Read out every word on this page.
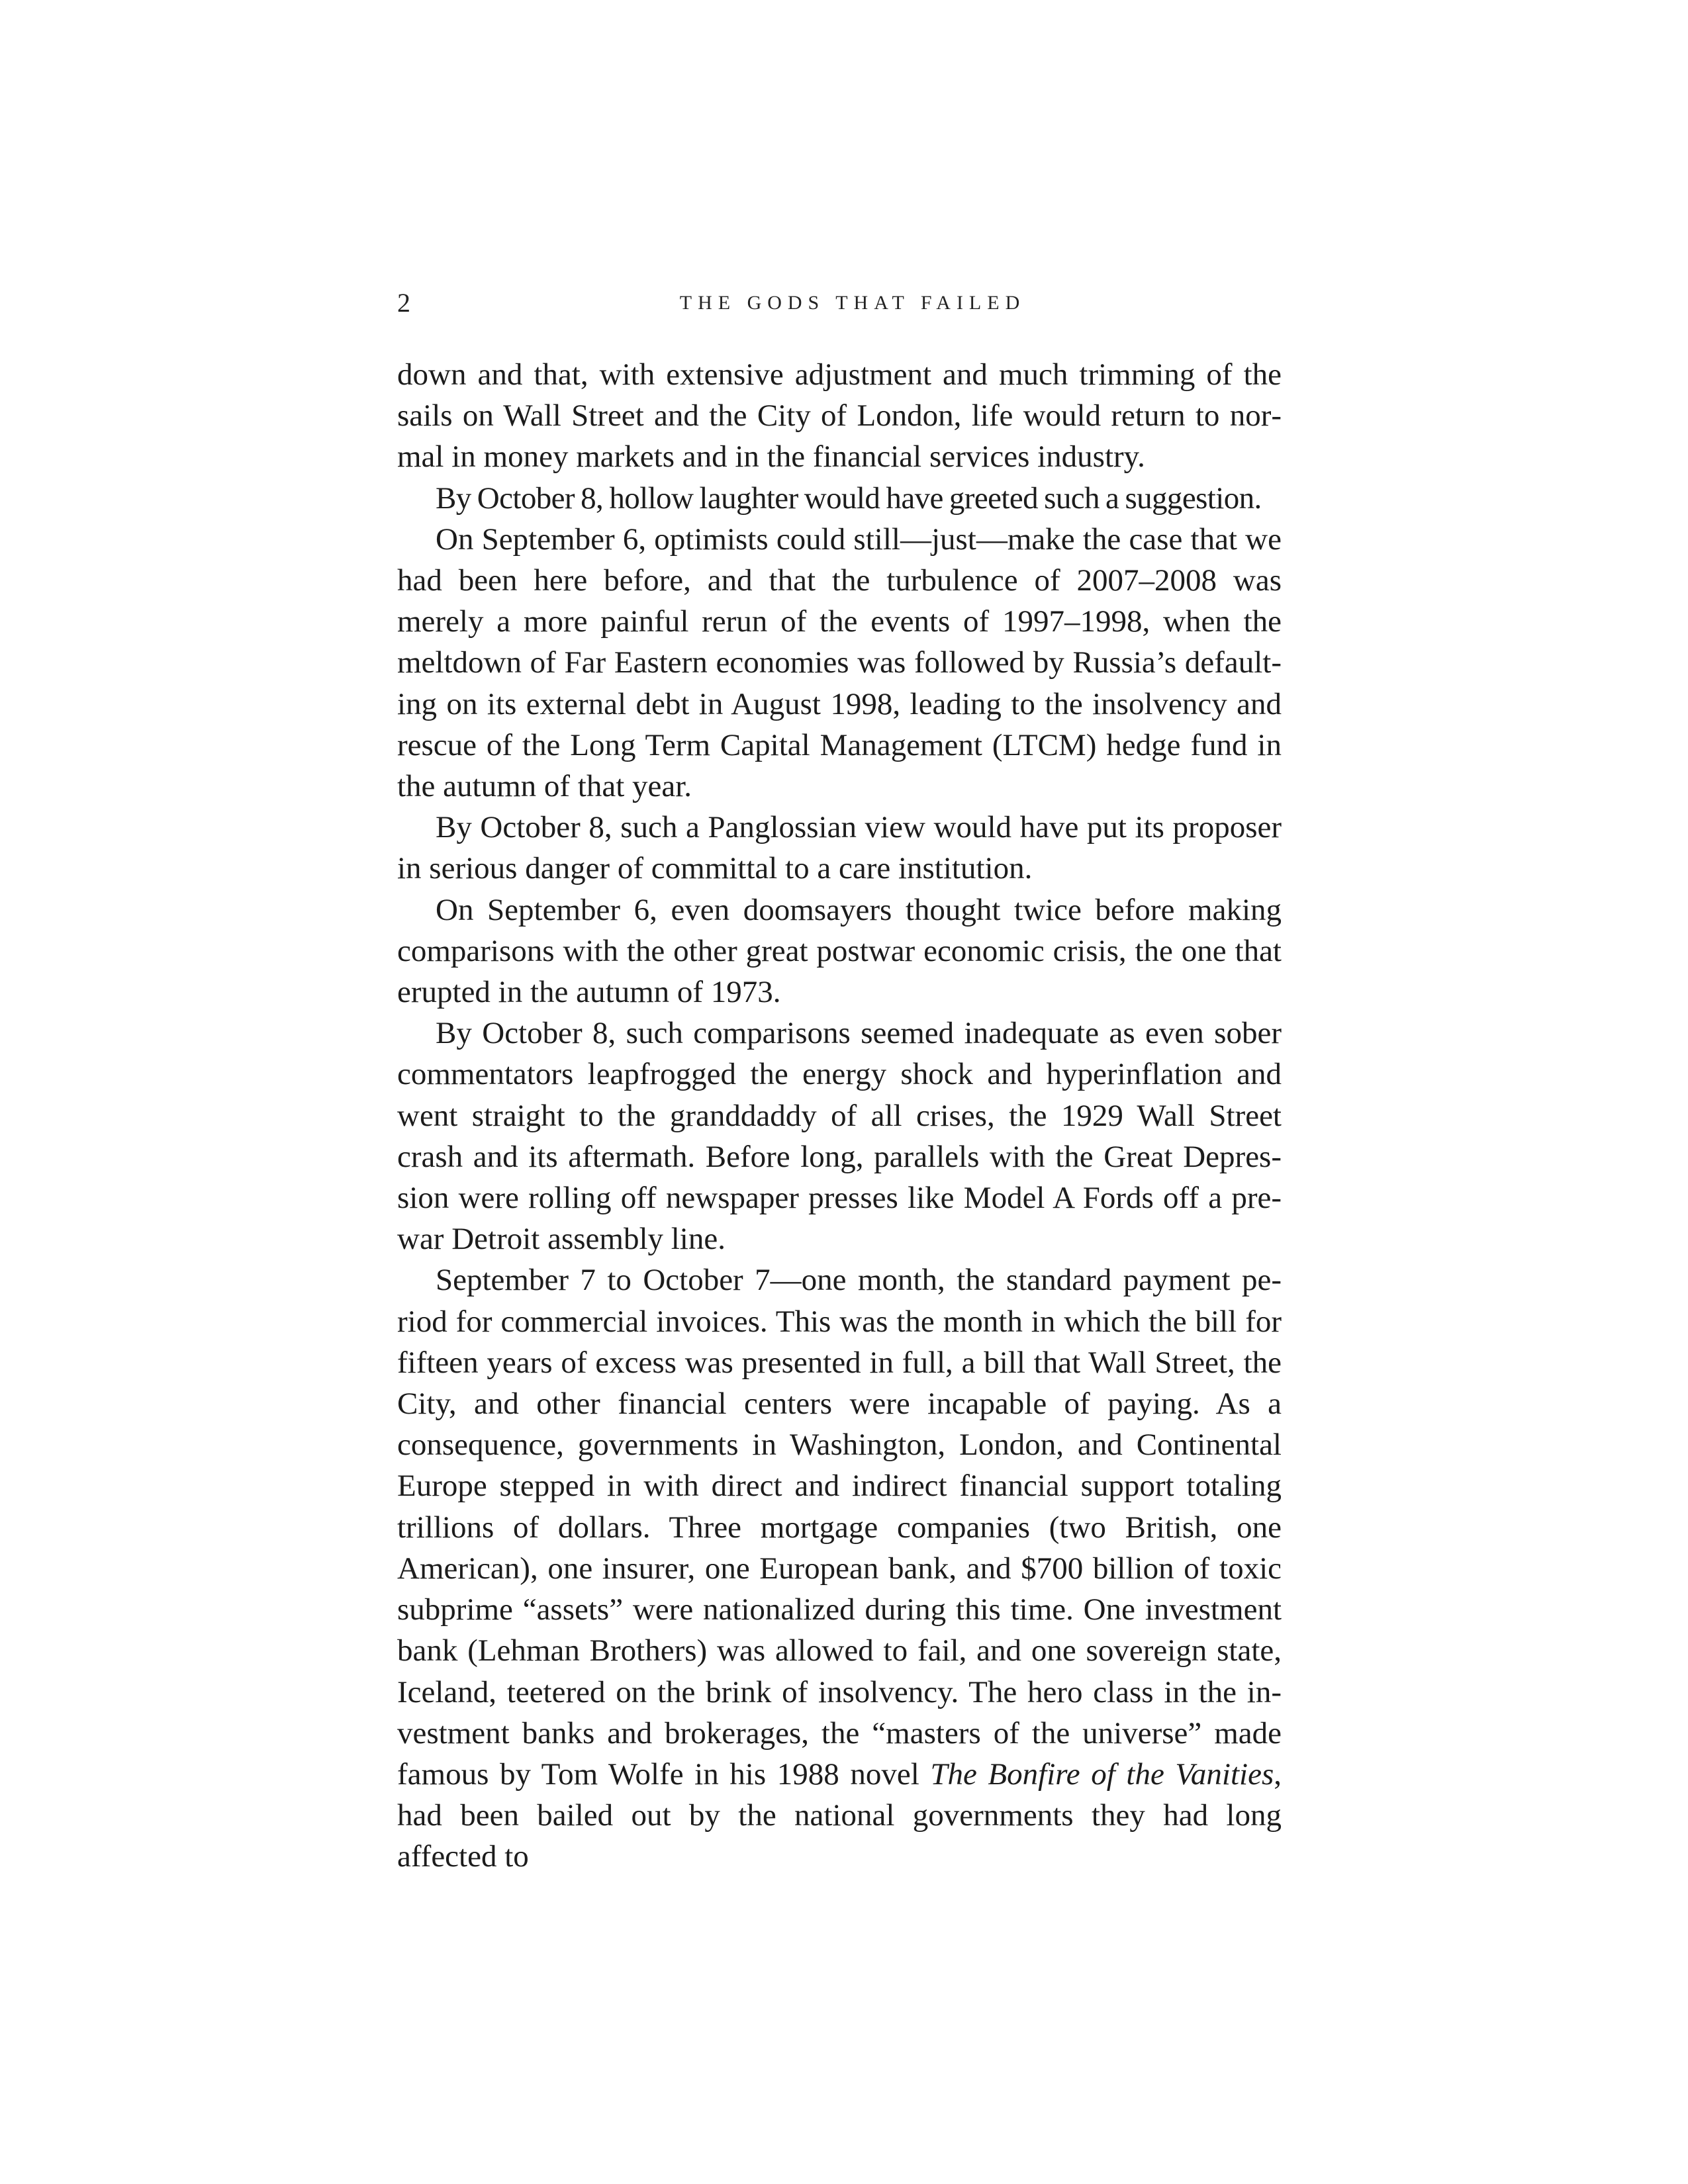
2	THE GODS THAT FAILED

down and that, with extensive adjustment and much trimming of the sails on Wall Street and the City of London, life would return to normal in money markets and in the financial services industry.

By October 8, hollow laughter would have greeted such a suggestion.

On September 6, optimists could still—just—make the case that we had been here before, and that the turbulence of 2007–2008 was merely a more painful rerun of the events of 1997–1998, when the meltdown of Far Eastern economies was followed by Russia’s defaulting on its external debt in August 1998, leading to the insolvency and rescue of the Long Term Capital Management (LTCM) hedge fund in the autumn of that year.

By October 8, such a Panglossian view would have put its proposer in serious danger of committal to a care institution.

On September 6, even doomsayers thought twice before making comparisons with the other great postwar economic crisis, the one that erupted in the autumn of 1973.

By October 8, such comparisons seemed inadequate as even sober commentators leapfrogged the energy shock and hyperinflation and went straight to the granddaddy of all crises, the 1929 Wall Street crash and its aftermath. Before long, parallels with the Great Depression were rolling off newspaper presses like Model A Fords off a prewar Detroit assembly line.

September 7 to October 7—one month, the standard payment period for commercial invoices. This was the month in which the bill for fifteen years of excess was presented in full, a bill that Wall Street, the City, and other financial centers were incapable of paying. As a consequence, governments in Washington, London, and Continental Europe stepped in with direct and indirect financial support totaling trillions of dollars. Three mortgage companies (two British, one American), one insurer, one European bank, and $700 billion of toxic subprime “assets” were nationalized during this time. One investment bank (Lehman Brothers) was allowed to fail, and one sovereign state, Iceland, teetered on the brink of insolvency. The hero class in the investment banks and brokerages, the “masters of the universe” made famous by Tom Wolfe in his 1988 novel The Bonfire of the Vanities, had been bailed out by the national governments they had long affected to
